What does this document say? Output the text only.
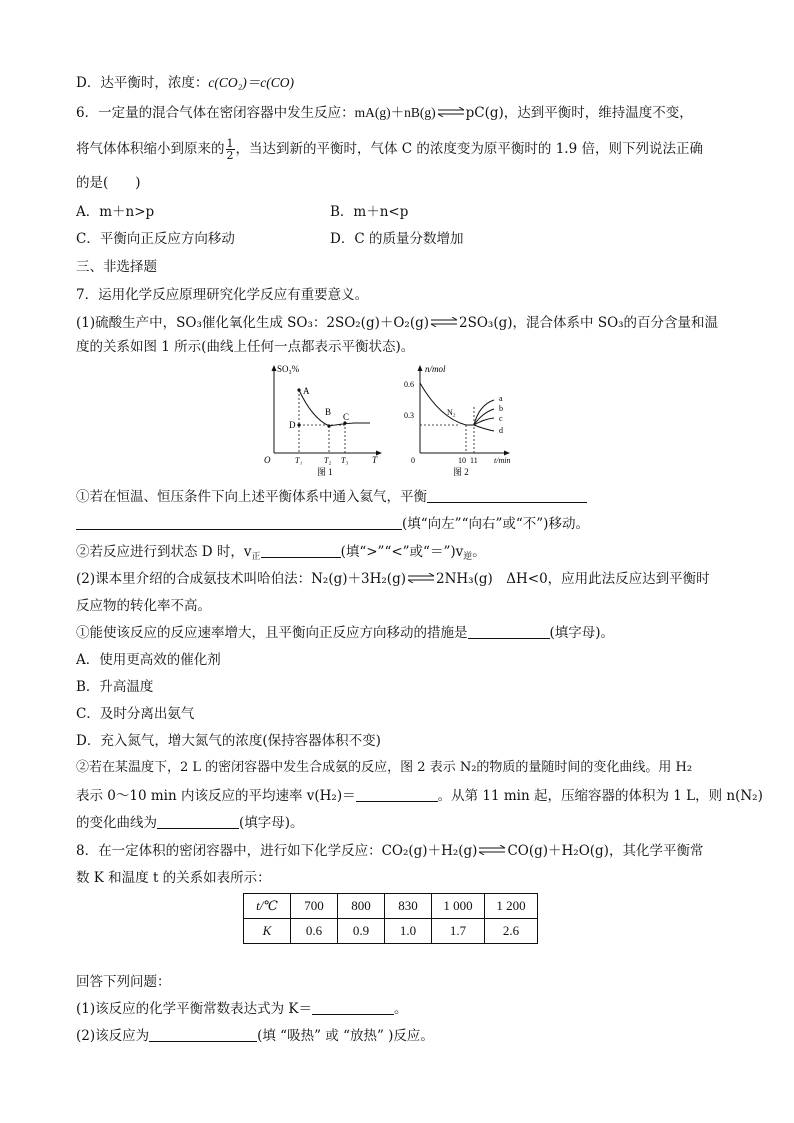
D．达平衡时，浓度：c(CO₂)＝c(CO)
6．一定量的混合气体在密闭容器中发生反应：mA(g)＋nB(g)⇌pC(g)，达到平衡时，维持温度不变，
将气体体积缩小到原来的 $\frac{1}{2}$ ，当达到新的平衡时，气体 C 的浓度变为原平衡时的 1.9 倍，则下列说法正确
的是(　　)
A．m＋n>p	B．m＋n<p
C．平衡向正反应方向移动	D．C 的质量分数增加
三、非选择题
7．运用化学反应原理研究化学反应有重要意义。
(1)硫酸生产中，SO₃催化氧化生成 SO₃：2SO₂(g)＋O₂(g)⇌2SO₃(g)，混合体系中 SO₃的百分含量和温
度的关系如图 1 所示(曲线上任何一点都表示平衡状态)。
SO₃%
A
B C
D
O	T₁	T₂ T₃	T
图 1
n/mol
0.6
0.3	N₂
a
b
c
d
0	10 11 t/min
图 2
①若在恒温、恒压条件下向上述平衡体系中通入氦气，平衡
(填“向左”“向右”或“不”)移动。
②若反应进行到状态 D 时，$v_正$	(填“>”“<”或“$=”)v_逆$。
(2)课本里介绍的合成氨技术叫哈伯法：N₂(g)＋3H₂(g)⇌2NH₃(g)　ΔH<0，应用此法反应达到平衡时
反应物的转化率不高。
①能使该反应的反应速率增大，且平衡向正反应方向移动的措施是	(填字母)。
A．使用更高效的催化剂
B．升高温度
C．及时分离出氨气
D．充入氮气，增大氮气的浓度(保持容器体积不变)
②若在某温度下，2 L 的密闭容器中发生合成氨的反应，图 2 表示 N₂的物质的量随时间的变化曲线。用 H₂
表示 0～10 min 内该反应的平均速率 v(H₂)＝	。从第 11 min 起，压缩容器的体积为 1 L，则 n(N₂)
的变化曲线为	(填字母)。
8．在一定体积的密闭容器中，进行如下化学反应：CO₂(g)＋H₂(g)⇌CO(g)＋H₂O(g)，其化学平衡常
数 K 和温度 t 的关系如表所示：
t/℃	700	800	830	1 000	1 200
K	0.6	0.9	1.0	1.7	2.6
回答下列问题：
(1)该反应的化学平衡常数表达式为 K＝	。
(2)该反应为	(填 “吸热” 或 “放热” )反应。
